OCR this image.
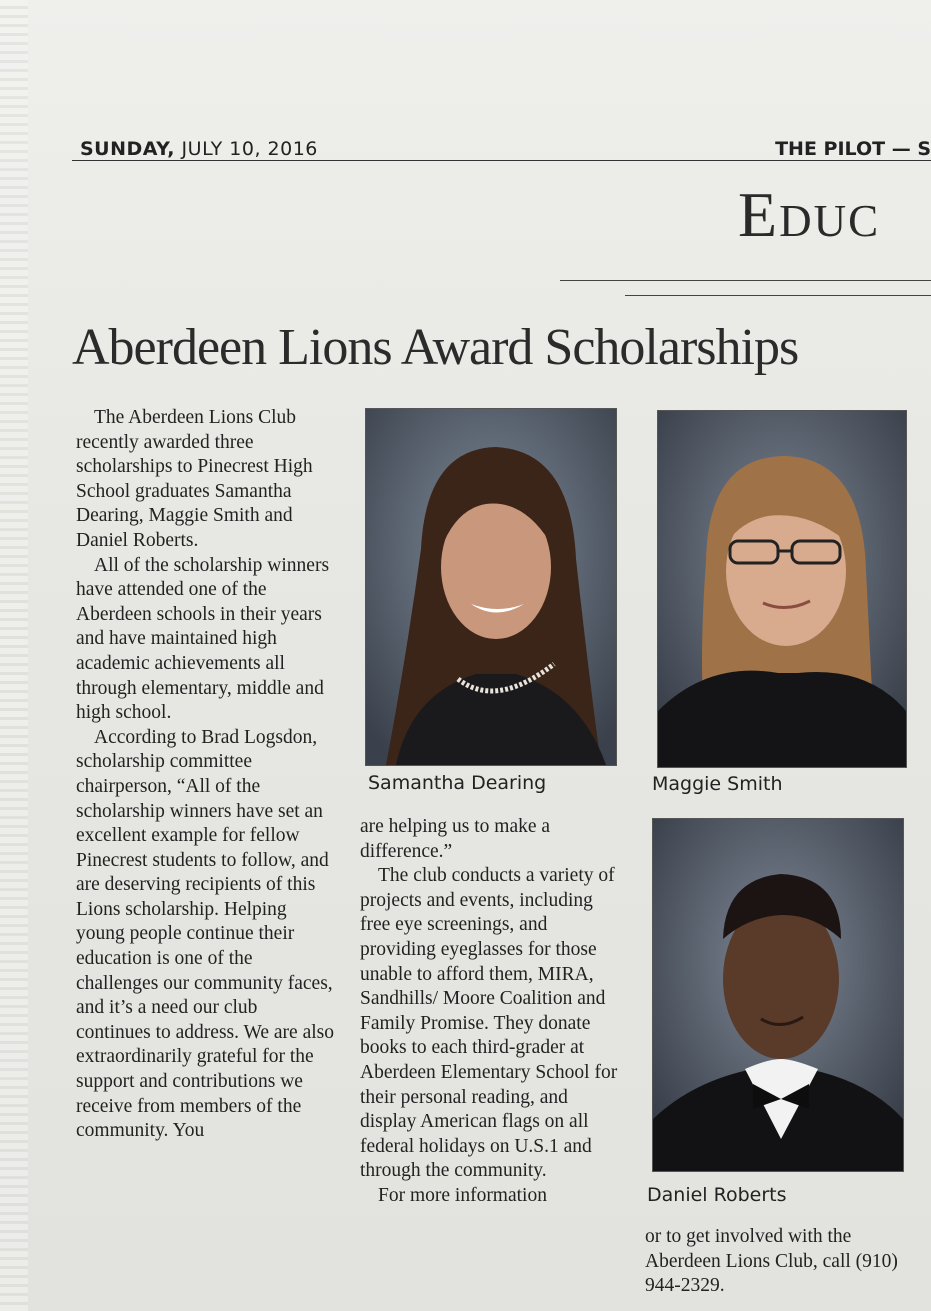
SUNDAY, JULY 10, 2016	THE PILOT — S
Educ
Aberdeen Lions Award Scholarships

The Aberdeen Lions Club recently awarded three scholarships to Pinecrest High School graduates Samantha Dearing, Maggie Smith and Daniel Roberts.

All of the scholarship winners have attended one of the Aberdeen schools in their years and have maintained high academic achievements all through elementary, middle and high school.

According to Brad Logsdon, scholarship committee chairperson, “All of the scholarship winners have set an excellent example for fellow Pinecrest students to follow, and are deserving recipients of this Lions scholarship. Helping young people continue their education is one of the challenges our community faces, and it’s a need our club continues to address. We are also extraordinarily grateful for the support and contributions we receive from members of the community. You

Samantha Dearing	Maggie Smith

are helping us to make a difference.”

The club conducts a variety of projects and events, including free eye screenings, and providing eyeglasses for those unable to afford them, MIRA, Sandhills/ Moore Coalition and Family Promise. They donate books to each third-grader at Aberdeen Elementary School for their personal reading, and display American flags on all federal holidays on U.S.1 and through the community.

For more information	Daniel Roberts

or to get involved with the Aberdeen Lions Club, call (910) 944-2329.
